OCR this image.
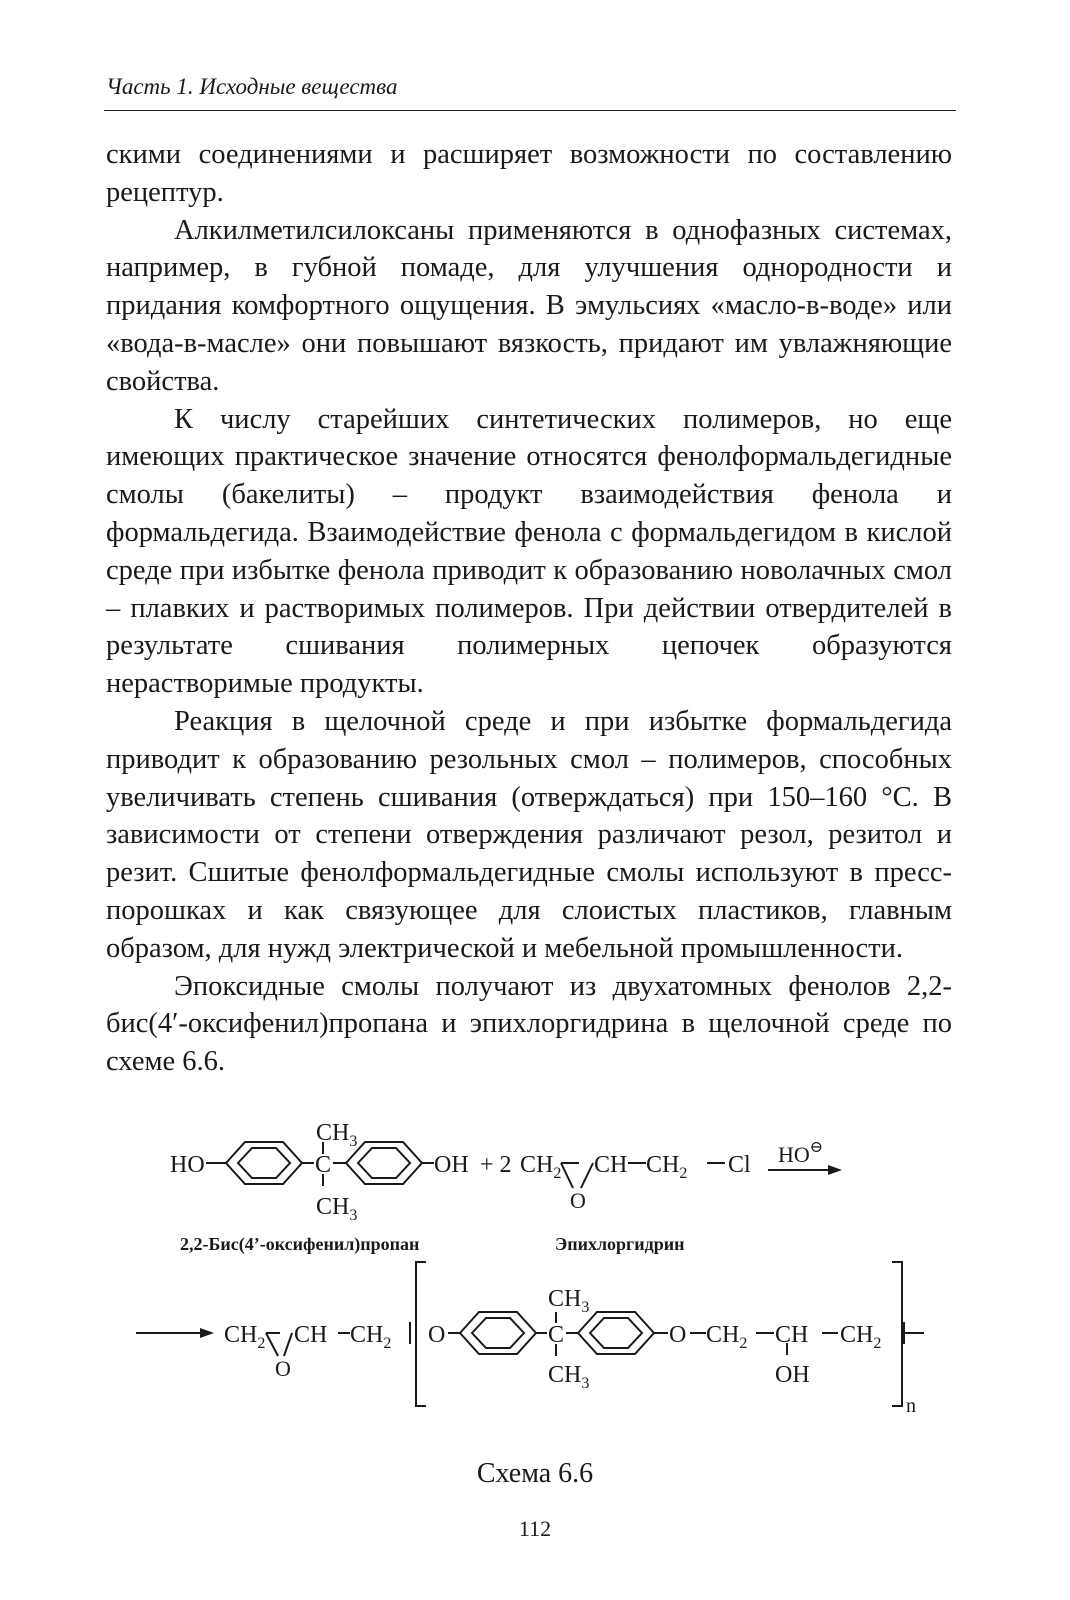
Часть 1. Исходные вещества

скими соединениями и расширяет возможности по составлению рецептур.

Алкилметилсилоксаны применяются в однофазных системах, например, в губной помаде, для улучшения однородности и придания комфортного ощущения. В эмульсиях «масло-в-воде» или «вода-в-масле» они повышают вязкость, придают им увлажняющие свойства.

К числу старейших синтетических полимеров, но еще имеющих практическое значение относятся фенолформальдегидные смолы (бакелиты) – продукт взаимодействия фенола и формальдегида. Взаимодействие фенола с формальдегидом в кислой среде при избытке фенола приводит к образованию новолачных смол – плавких и растворимых полимеров. При действии отвердителей в результате сшивания полимерных цепочек образуются нерастворимые продукты.

Реакция в щелочной среде и при избытке формальдегида приводит к образованию резольных смол – полимеров, способных увеличивать степень сшивания (отверждаться) при 150–160 °C. В зависимости от степени отверждения различают резол, резитол и резит. Сшитые фенолформальдегидные смолы используют в пресс-порошках и как связующее для слоистых пластиков, главным образом, для нужд электрической и мебельной промышленности.

Эпоксидные смолы получают из двухатомных фенолов 2,2-бис(4′-оксифенил)пропана и эпихлоргидрина в щелочной среде по схеме 6.6.

HO
$CH_3$
C
$CH_3$
OH + 2 $CH_2$ CH
O
$CH_2$ Cl HO⊖
2,2-Бис(4’-оксифенил)пропан	Эпихлоргидрин
$CH_2$ CH
O
$CH_2$ O
$CH_3$
C
$CH_3$
O $CH_2$ CH
OH
$CH_2$
n
Схема 6.6
112
